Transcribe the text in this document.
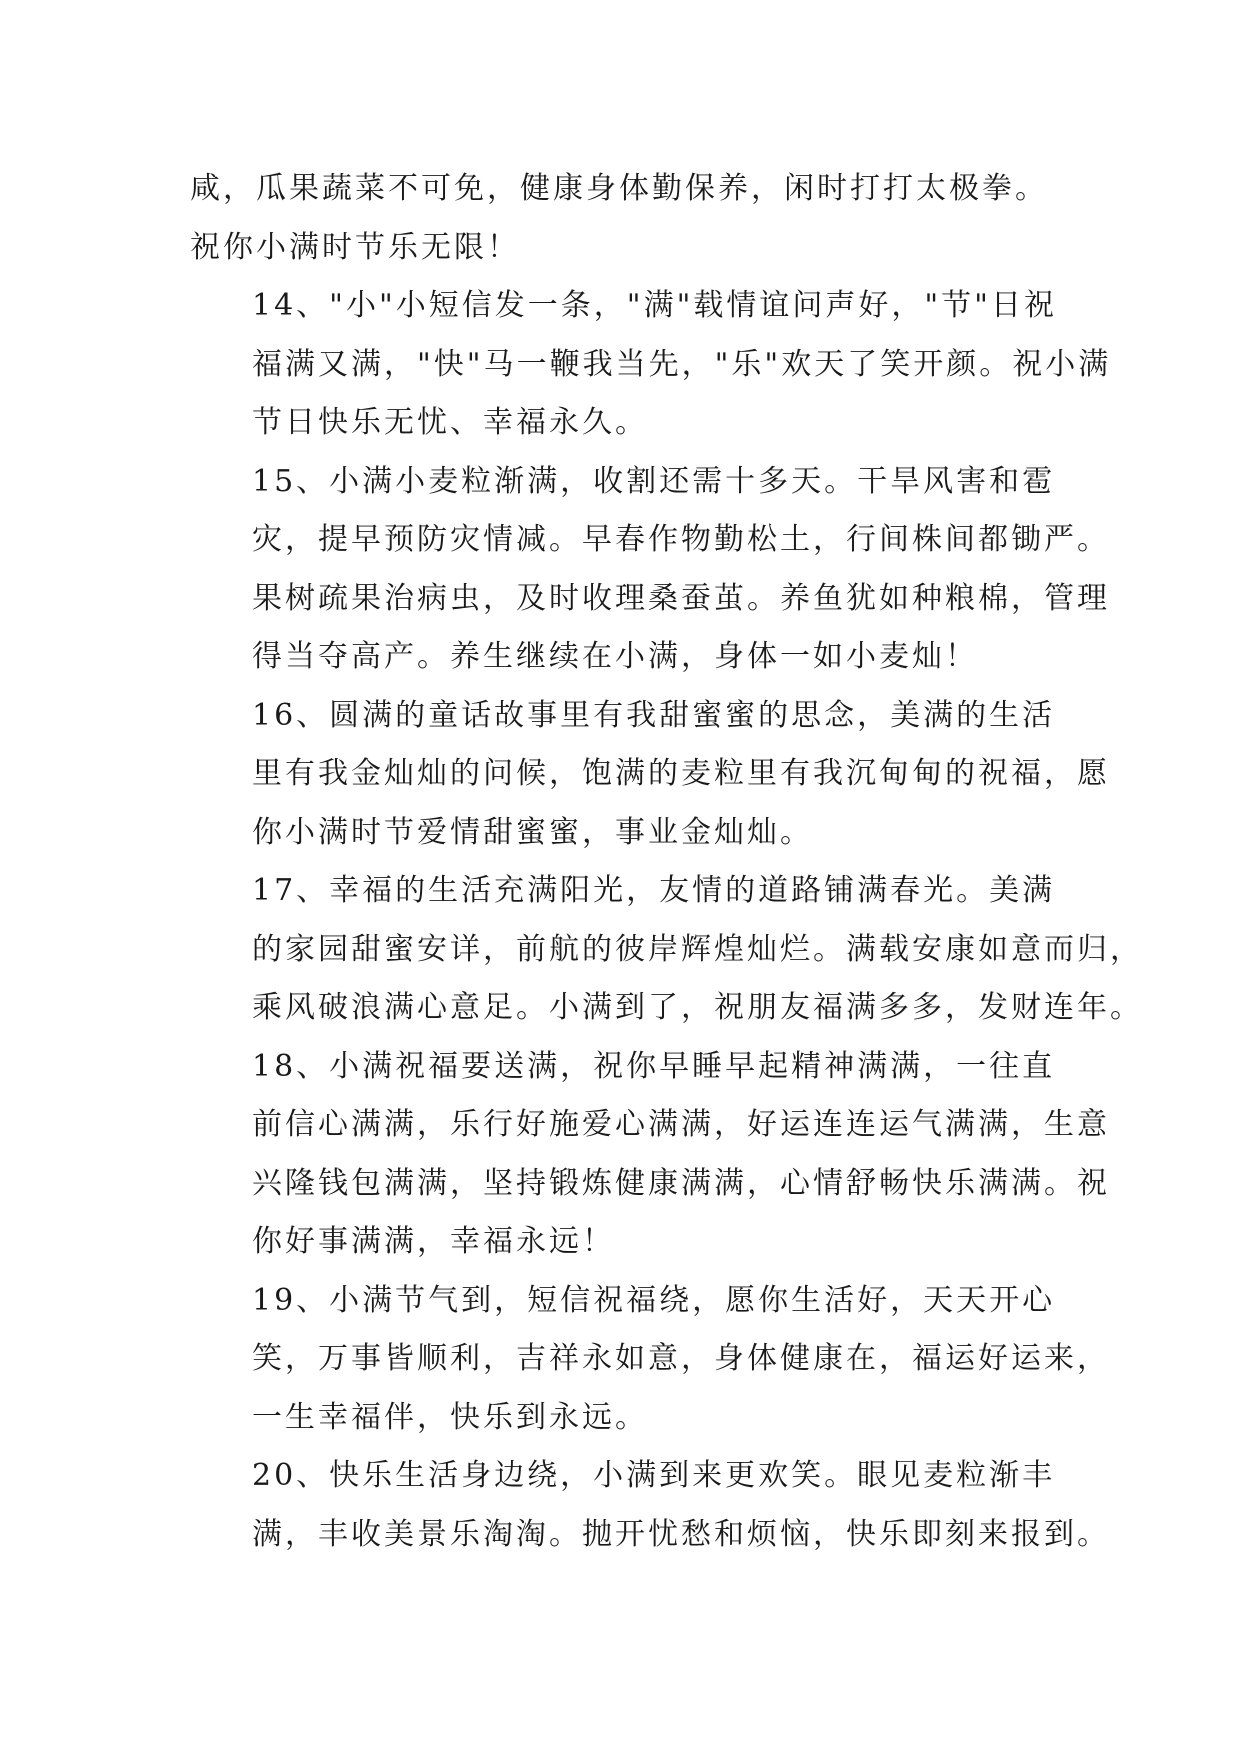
咸，瓜果蔬菜不可免，健康身体勤保养，闲时打打太极拳。
祝你小满时节乐无限！

14、"小"小短信发一条，"满"载情谊问声好，"节"日祝
福满又满，"快"马一鞭我当先，"乐"欢天了笑开颜。祝小满
节日快乐无忧、幸福永久。

15、小满小麦粒渐满，收割还需十多天。干旱风害和雹
灾，提早预防灾情减。早春作物勤松土，行间株间都锄严。
果树疏果治病虫，及时收理桑蚕茧。养鱼犹如种粮棉，管理
得当夺高产。养生继续在小满，身体一如小麦灿！

16、圆满的童话故事里有我甜蜜蜜的思念，美满的生活
里有我金灿灿的问候，饱满的麦粒里有我沉甸甸的祝福，愿
你小满时节爱情甜蜜蜜，事业金灿灿。

17、幸福的生活充满阳光，友情的道路铺满春光。美满
的家园甜蜜安详，前航的彼岸辉煌灿烂。满载安康如意而归，
乘风破浪满心意足。小满到了，祝朋友福满多多，发财连年。

18、小满祝福要送满，祝你早睡早起精神满满，一往直
前信心满满，乐行好施爱心满满，好运连连运气满满，生意
兴隆钱包满满，坚持锻炼健康满满，心情舒畅快乐满满。祝
你好事满满，幸福永远！

19、小满节气到，短信祝福绕，愿你生活好，天天开心
笑，万事皆顺利，吉祥永如意，身体健康在，福运好运来，
一生幸福伴，快乐到永远。

20、快乐生活身边绕，小满到来更欢笑。眼见麦粒渐丰
满，丰收美景乐淘淘。抛开忧愁和烦恼，快乐即刻来报到。
